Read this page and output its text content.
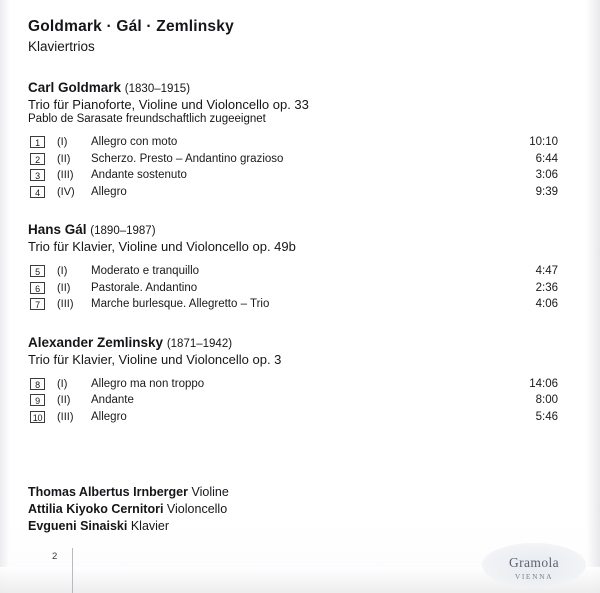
Goldmark · Gál · Zemlinsky
Klaviertrios
Carl Goldmark (1830–1915)
Trio für Pianoforte, Violine und Violoncello op. 33
Pablo de Sarasate freundschaftlich zugeeignet
1	(I)	Allegro con moto	10:10
2	(II)	Scherzo. Presto – Andantino grazioso	6:44
3	(III)	Andante sostenuto	3:06
4	(IV)	Allegro	9:39
Hans Gál (1890–1987)
Trio für Klavier, Violine und Violoncello op. 49b
5	(I)	Moderato e tranquillo	4:47
6	(II)	Pastorale. Andantino	2:36
7	(III)	Marche burlesque. Allegretto – Trio	4:06
Alexander Zemlinsky (1871–1942)
Trio für Klavier, Violine und Violoncello op. 3
8	(I)	Allegro ma non troppo	14:06
9	(II)	Andante	8:00
10 (III)	Allegro	5:46
Thomas Albertus Irnberger Violine
Attilia Kiyoko Cernitori Violoncello
Evgueni Sinaiski Klavier
2	Gramola
VIENNA
